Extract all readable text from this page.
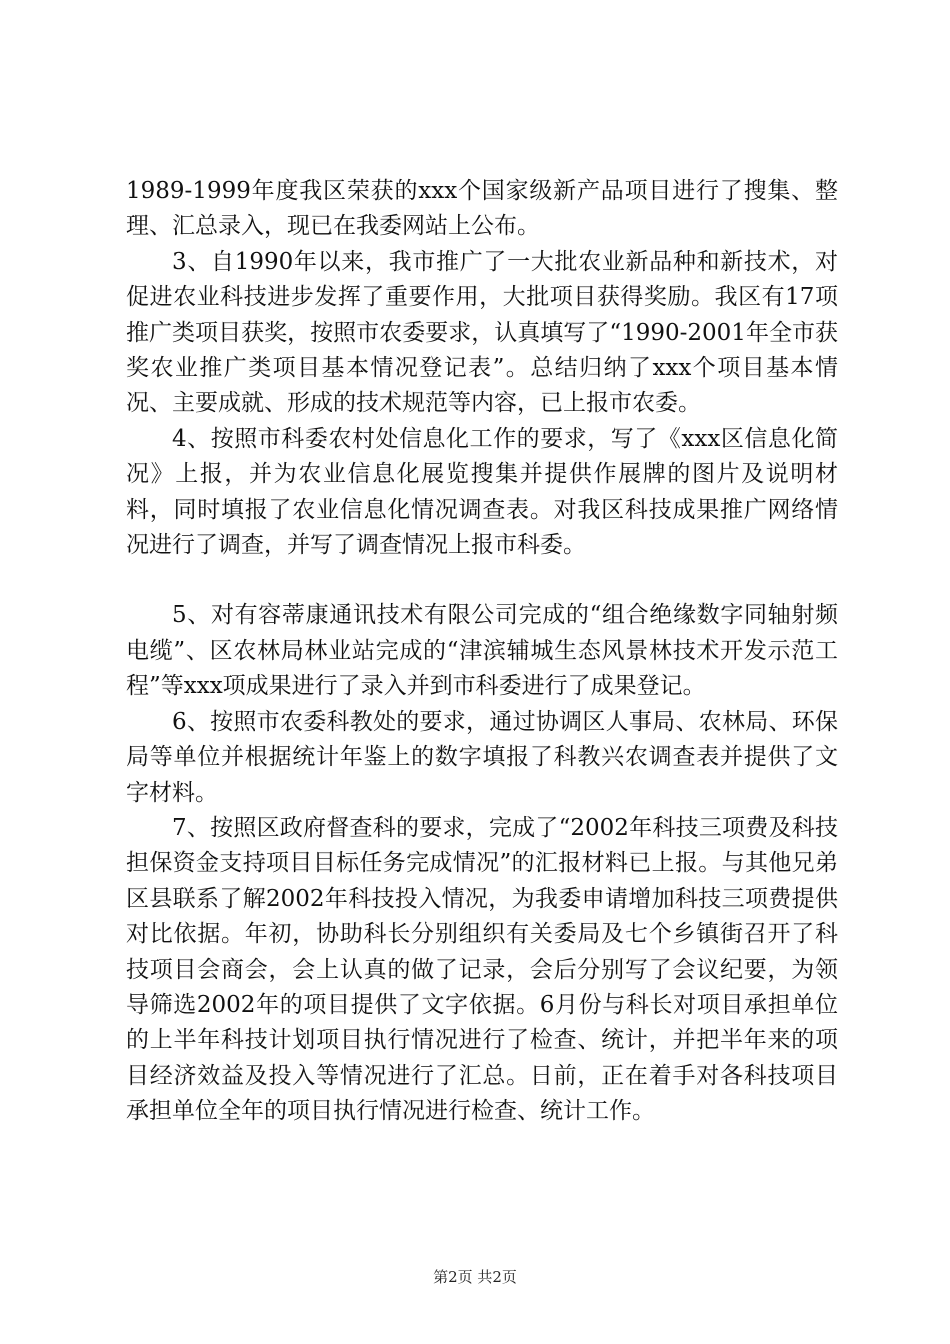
1989-1999年度我区荣获的xxx个国家级新产品项目进行了搜集、整理、汇总录入，现已在我委网站上公布。

3、自1990年以来，我市推广了一大批农业新品种和新技术，对促进农业科技进步发挥了重要作用，大批项目获得奖励。我区有17项推广类项目获奖，按照市农委要求，认真填写了“1990-2001年全市获奖农业推广类项目基本情况登记表”。总结归纳了xxx个项目基本情况、主要成就、形成的技术规范等内容，已上报市农委。

4、按照市科委农村处信息化工作的要求，写了《xxx区信息化简况》上报，并为农业信息化展览搜集并提供作展牌的图片及说明材料，同时填报了农业信息化情况调查表。对我区科技成果推广网络情况进行了调查，并写了调查情况上报市科委。

5、对有容蒂康通讯技术有限公司完成的“组合绝缘数字同轴射频电缆”、区农林局林业站完成的“津滨辅城生态风景林技术开发示范工程”等xxx项成果进行了录入并到市科委进行了成果登记。

6、按照市农委科教处的要求，通过协调区人事局、农林局、环保局等单位并根据统计年鉴上的数字填报了科教兴农调查表并提供了文字材料。

7、按照区政府督查科的要求，完成了“2002年科技三项费及科技担保资金支持项目目标任务完成情况”的汇报材料已上报。与其他兄弟区县联系了解2002年科技投入情况，为我委申请增加科技三项费提供对比依据。年初，协助科长分别组织有关委局及七个乡镇街召开了科技项目会商会，会上认真的做了记录，会后分别写了会议纪要，为领导筛选2002年的项目提供了文字依据。6月份与科长对项目承担单位的上半年科技计划项目执行情况进行了检查、统计，并把半年来的项目经济效益及投入等情况进行了汇总。日前，正在着手对各科技项目承担单位全年的项目执行情况进行检查、统计工作。

第2页 共2页
